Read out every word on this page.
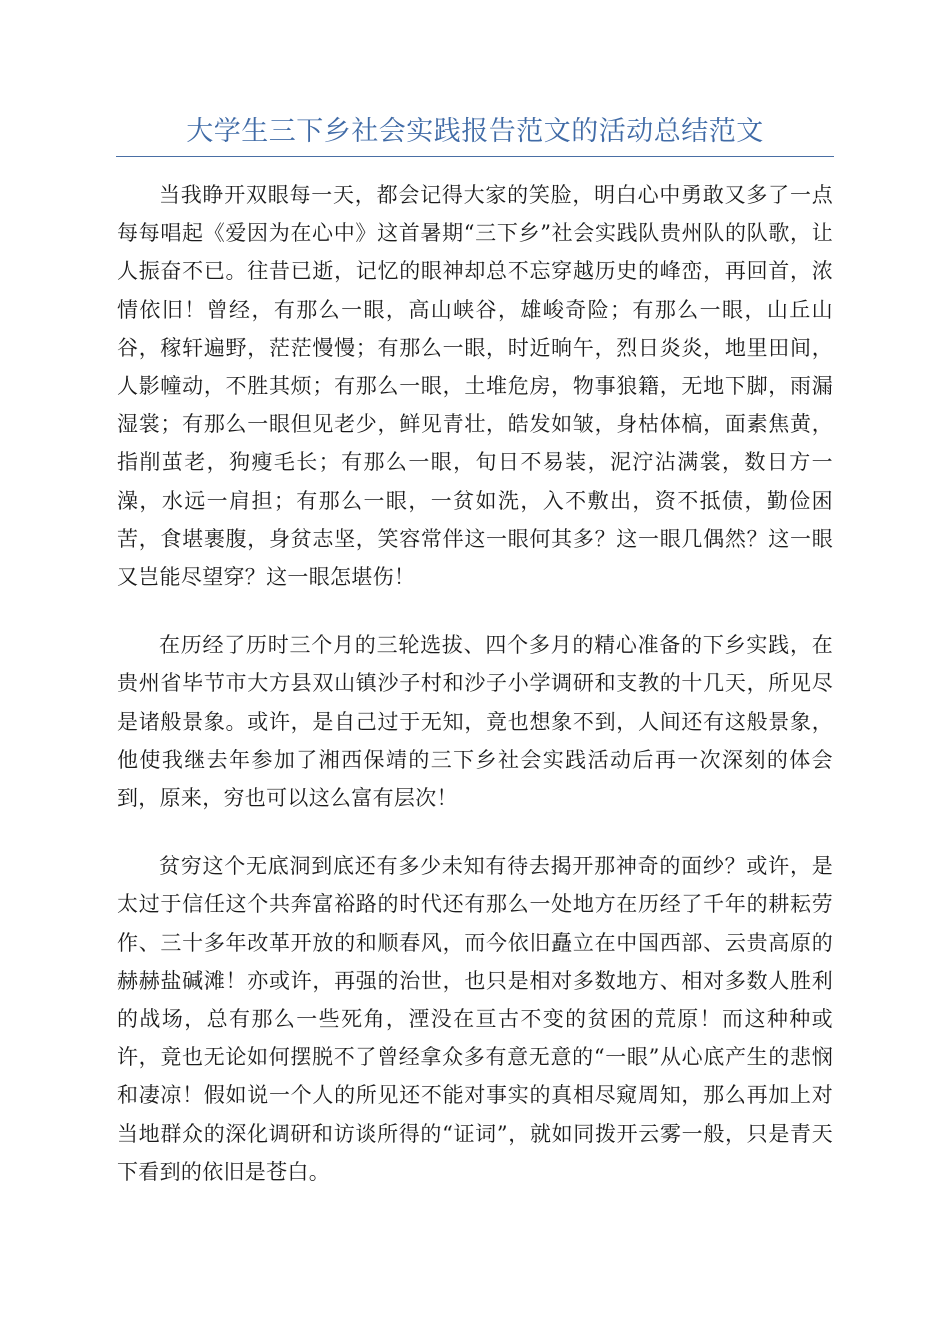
大学生三下乡社会实践报告范文的活动总结范文

当我睁开双眼每一天，都会记得大家的笑脸，明白心中勇敢又多了一点每每唱起《爱因为在心中》这首暑期“三下乡”社会实践队贵州队的队歌，让人振奋不已。往昔已逝，记忆的眼神却总不忘穿越历史的峰峦，再回首，浓情依旧！曾经，有那么一眼，高山峡谷，雄峻奇险；有那么一眼，山丘山谷，稼轩遍野，茫茫慢慢；有那么一眼，时近晌午，烈日炎炎，地里田间，人影幢动，不胜其烦；有那么一眼，土堆危房，物事狼籍，无地下脚，雨漏湿裳；有那么一眼但见老少，鲜见青壮，皓发如皱，身枯体槁，面素焦黄，指削茧老，狗瘦毛长；有那么一眼，旬日不易装，泥泞沾满裳，数日方一澡，水远一肩担；有那么一眼，一贫如洗，入不敷出，资不抵债，勤俭困苦，食堪裹腹，身贫志坚，笑容常伴这一眼何其多？这一眼几偶然？这一眼又岂能尽望穿？这一眼怎堪伤！

在历经了历时三个月的三轮选拔、四个多月的精心准备的下乡实践，在贵州省毕节市大方县双山镇沙子村和沙子小学调研和支教的十几天，所见尽是诸般景象。或许，是自己过于无知，竟也想象不到，人间还有这般景象，他使我继去年参加了湘西保靖的三下乡社会实践活动后再一次深刻的体会到，原来，穷也可以这么富有层次！

贫穷这个无底洞到底还有多少未知有待去揭开那神奇的面纱？或许，是太过于信任这个共奔富裕路的时代还有那么一处地方在历经了千年的耕耘劳作、三十多年改革开放的和顺春风，而今依旧矗立在中国西部、云贵高原的赫赫盐碱滩！亦或许，再强的治世，也只是相对多数地方、相对多数人胜利的战场，总有那么一些死角，湮没在亘古不变的贫困的荒原！而这种种或许，竟也无论如何摆脱不了曾经拿众多有意无意的“一眼”从心底产生的悲悯和凄凉！假如说一个人的所见还不能对事实的真相尽窥周知，那么再加上对当地群众的深化调研和访谈所得的“证词”，就如同拨开云雾一般，只是青天下看到的依旧是苍白。
